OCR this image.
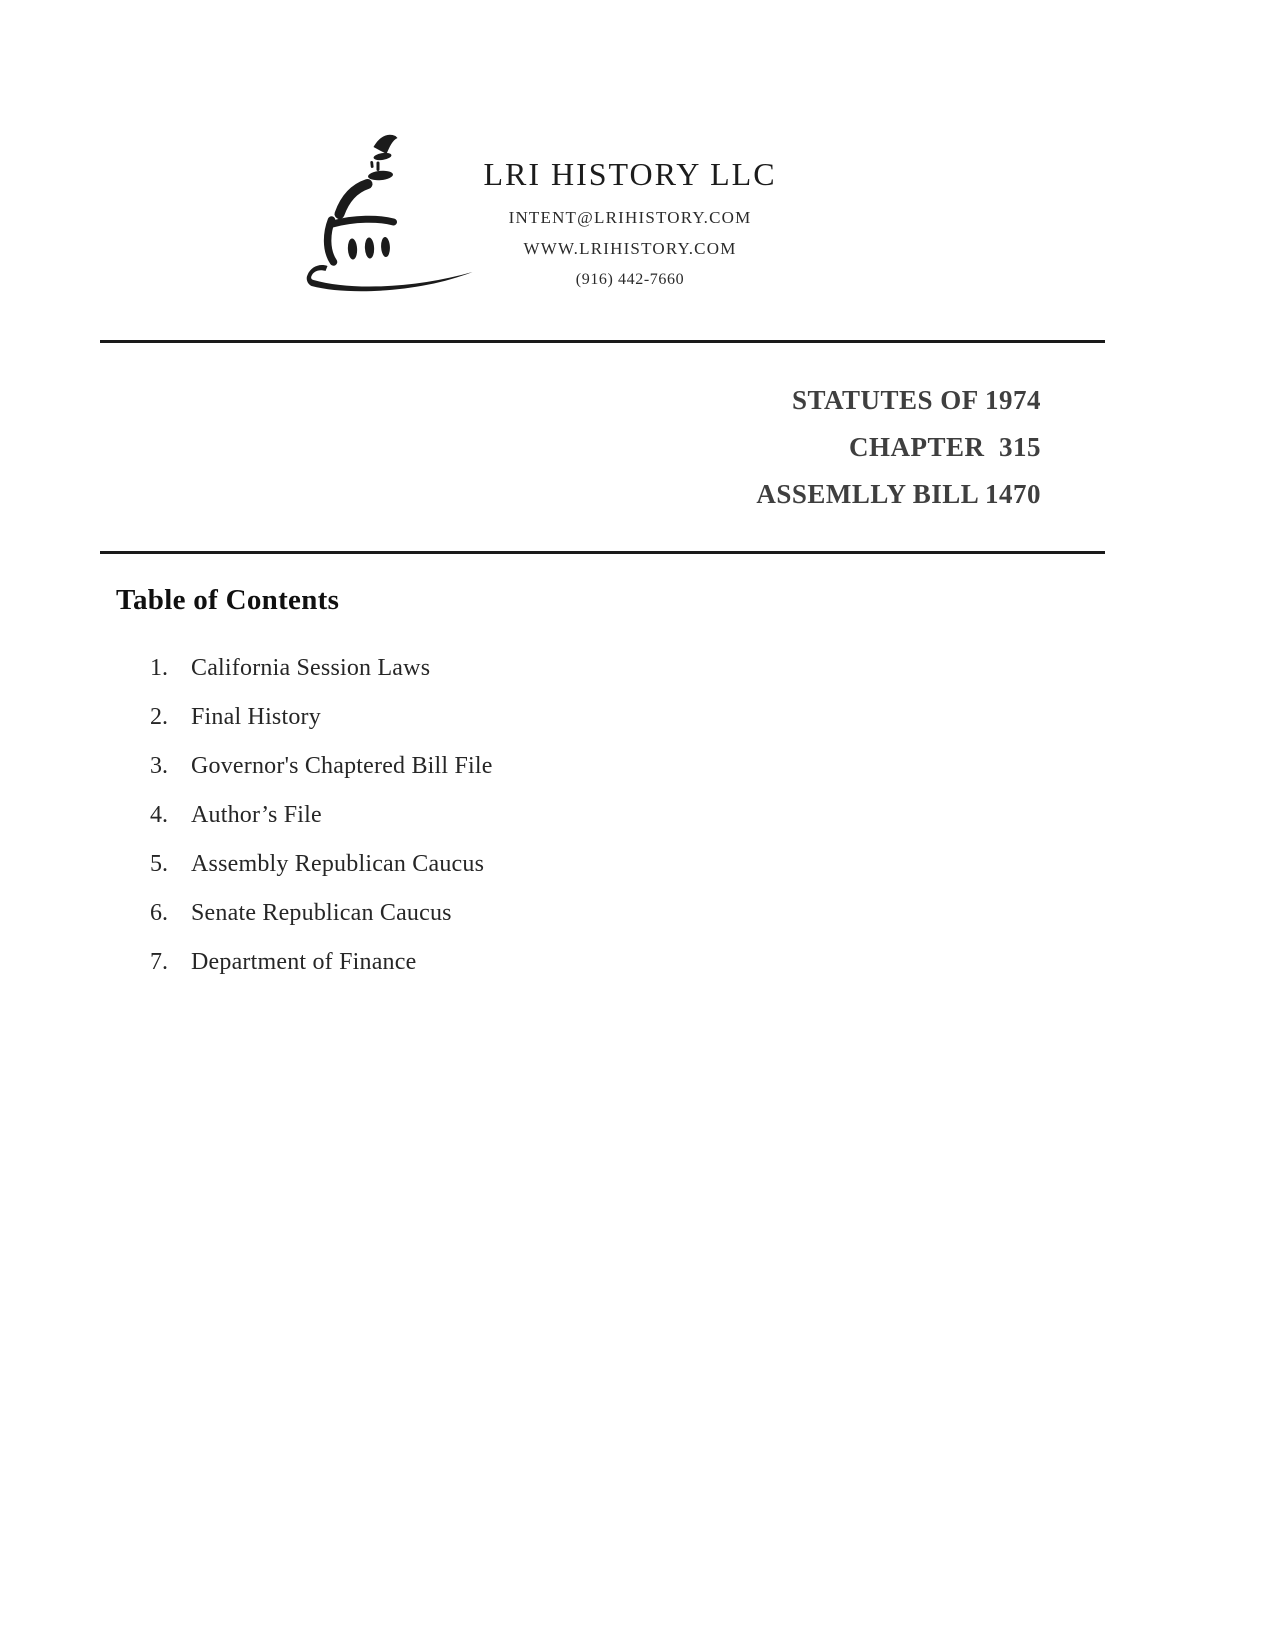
LRI HISTORY LLC
INTENT@LRIHISTORY.COM
WWW.LRIHISTORY.COM
(916) 442-7660
STATUTES OF 1974
CHAPTER  315
ASSEMLLY BILL 1470
Table of Contents
1. California Session Laws
2. Final History
3. Governor's Chaptered Bill File
4. Author’s File
5. Assembly Republican Caucus
6. Senate Republican Caucus
7. Department of Finance
